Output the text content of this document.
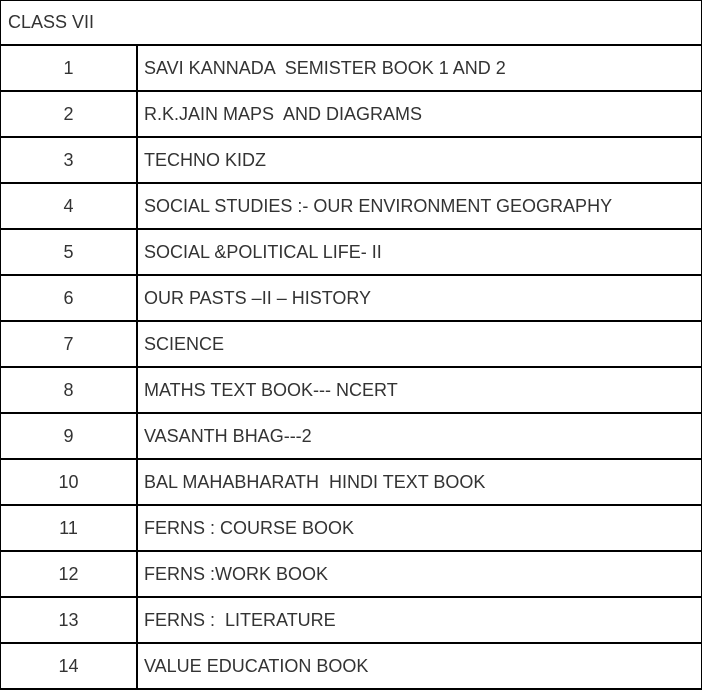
CLASS VII
1	SAVI KANNADA  SEMISTER BOOK 1 AND 2
2	R.K.JAIN MAPS  AND DIAGRAMS
3	TECHNO KIDZ
4	SOCIAL STUDIES :- OUR ENVIRONMENT GEOGRAPHY
5	SOCIAL &POLITICAL LIFE- II
6	OUR PASTS –II – HISTORY
7	SCIENCE
8	MATHS TEXT BOOK--- NCERT
9	VASANTH BHAG---2
10	BAL MAHABHARATH  HINDI TEXT BOOK
11	FERNS : COURSE BOOK
12	FERNS :WORK BOOK
13	FERNS :  LITERATURE
14	VALUE EDUCATION BOOK
